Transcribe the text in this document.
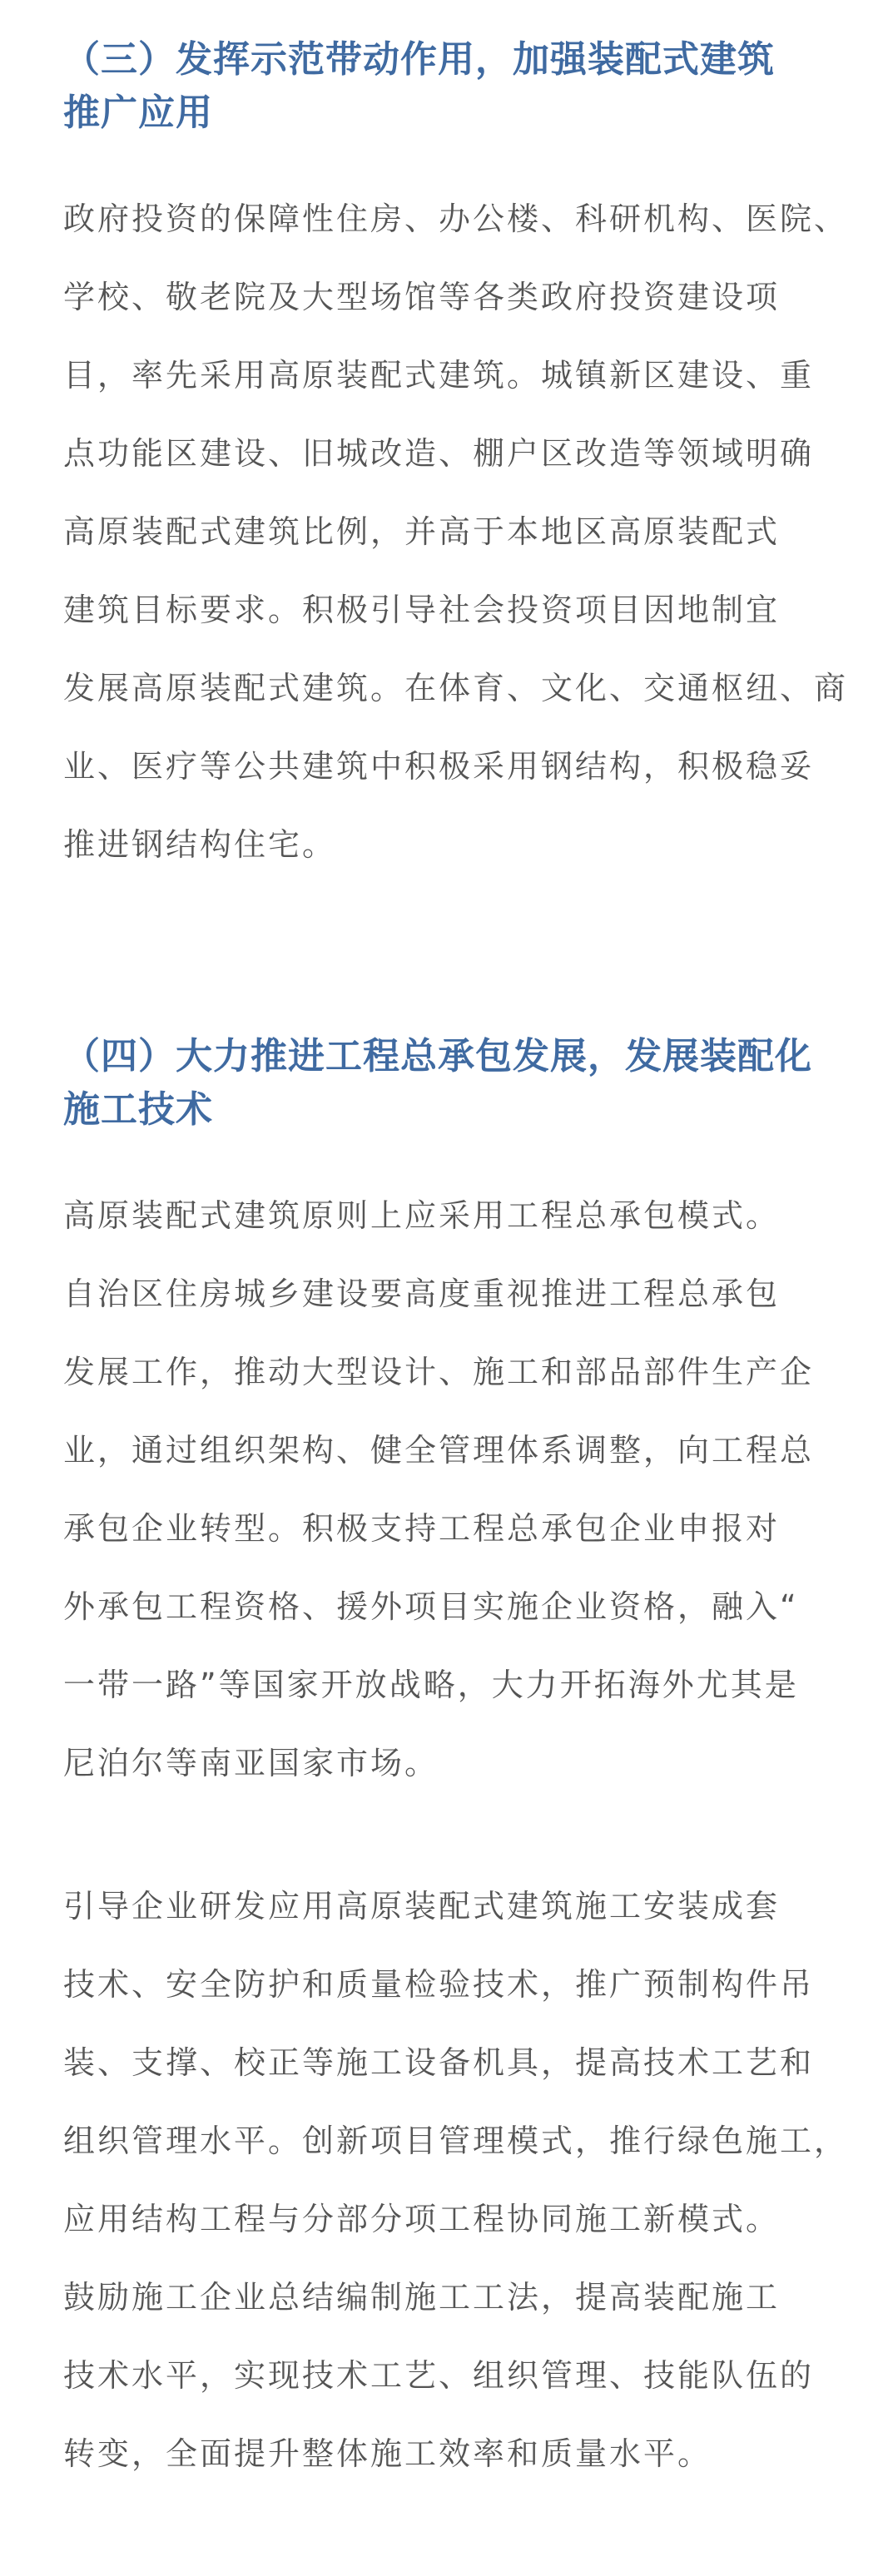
（三）发挥示范带动作用，加强装配式建筑
推广应用
政府投资的保障性住房、办公楼、科研机构、医院、
学校、敬老院及大型场馆等各类政府投资建设项
目，率先采用高原装配式建筑。城镇新区建设、重
点功能区建设、旧城改造、棚户区改造等领域明确
高原装配式建筑比例，并高于本地区高原装配式
建筑目标要求。积极引导社会投资项目因地制宜
发展高原装配式建筑。在体育、文化、交通枢纽、商
业、医疗等公共建筑中积极采用钢结构，积极稳妥
推进钢结构住宅。
（四）大力推进工程总承包发展，发展装配化
施工技术
高原装配式建筑原则上应采用工程总承包模式。
自治区住房城乡建设要高度重视推进工程总承包
发展工作，推动大型设计、施工和部品部件生产企
业，通过组织架构、健全管理体系调整，向工程总
承包企业转型。积极支持工程总承包企业申报对
外承包工程资格、援外项目实施企业资格，融入“
一带一路”等国家开放战略，大力开拓海外尤其是
尼泊尔等南亚国家市场。
引导企业研发应用高原装配式建筑施工安装成套
技术、安全防护和质量检验技术，推广预制构件吊
装、支撑、校正等施工设备机具，提高技术工艺和
组织管理水平。创新项目管理模式，推行绿色施工，
应用结构工程与分部分项工程协同施工新模式。
鼓励施工企业总结编制施工工法，提高装配施工
技术水平，实现技术工艺、组织管理、技能队伍的
转变，全面提升整体施工效率和质量水平。
